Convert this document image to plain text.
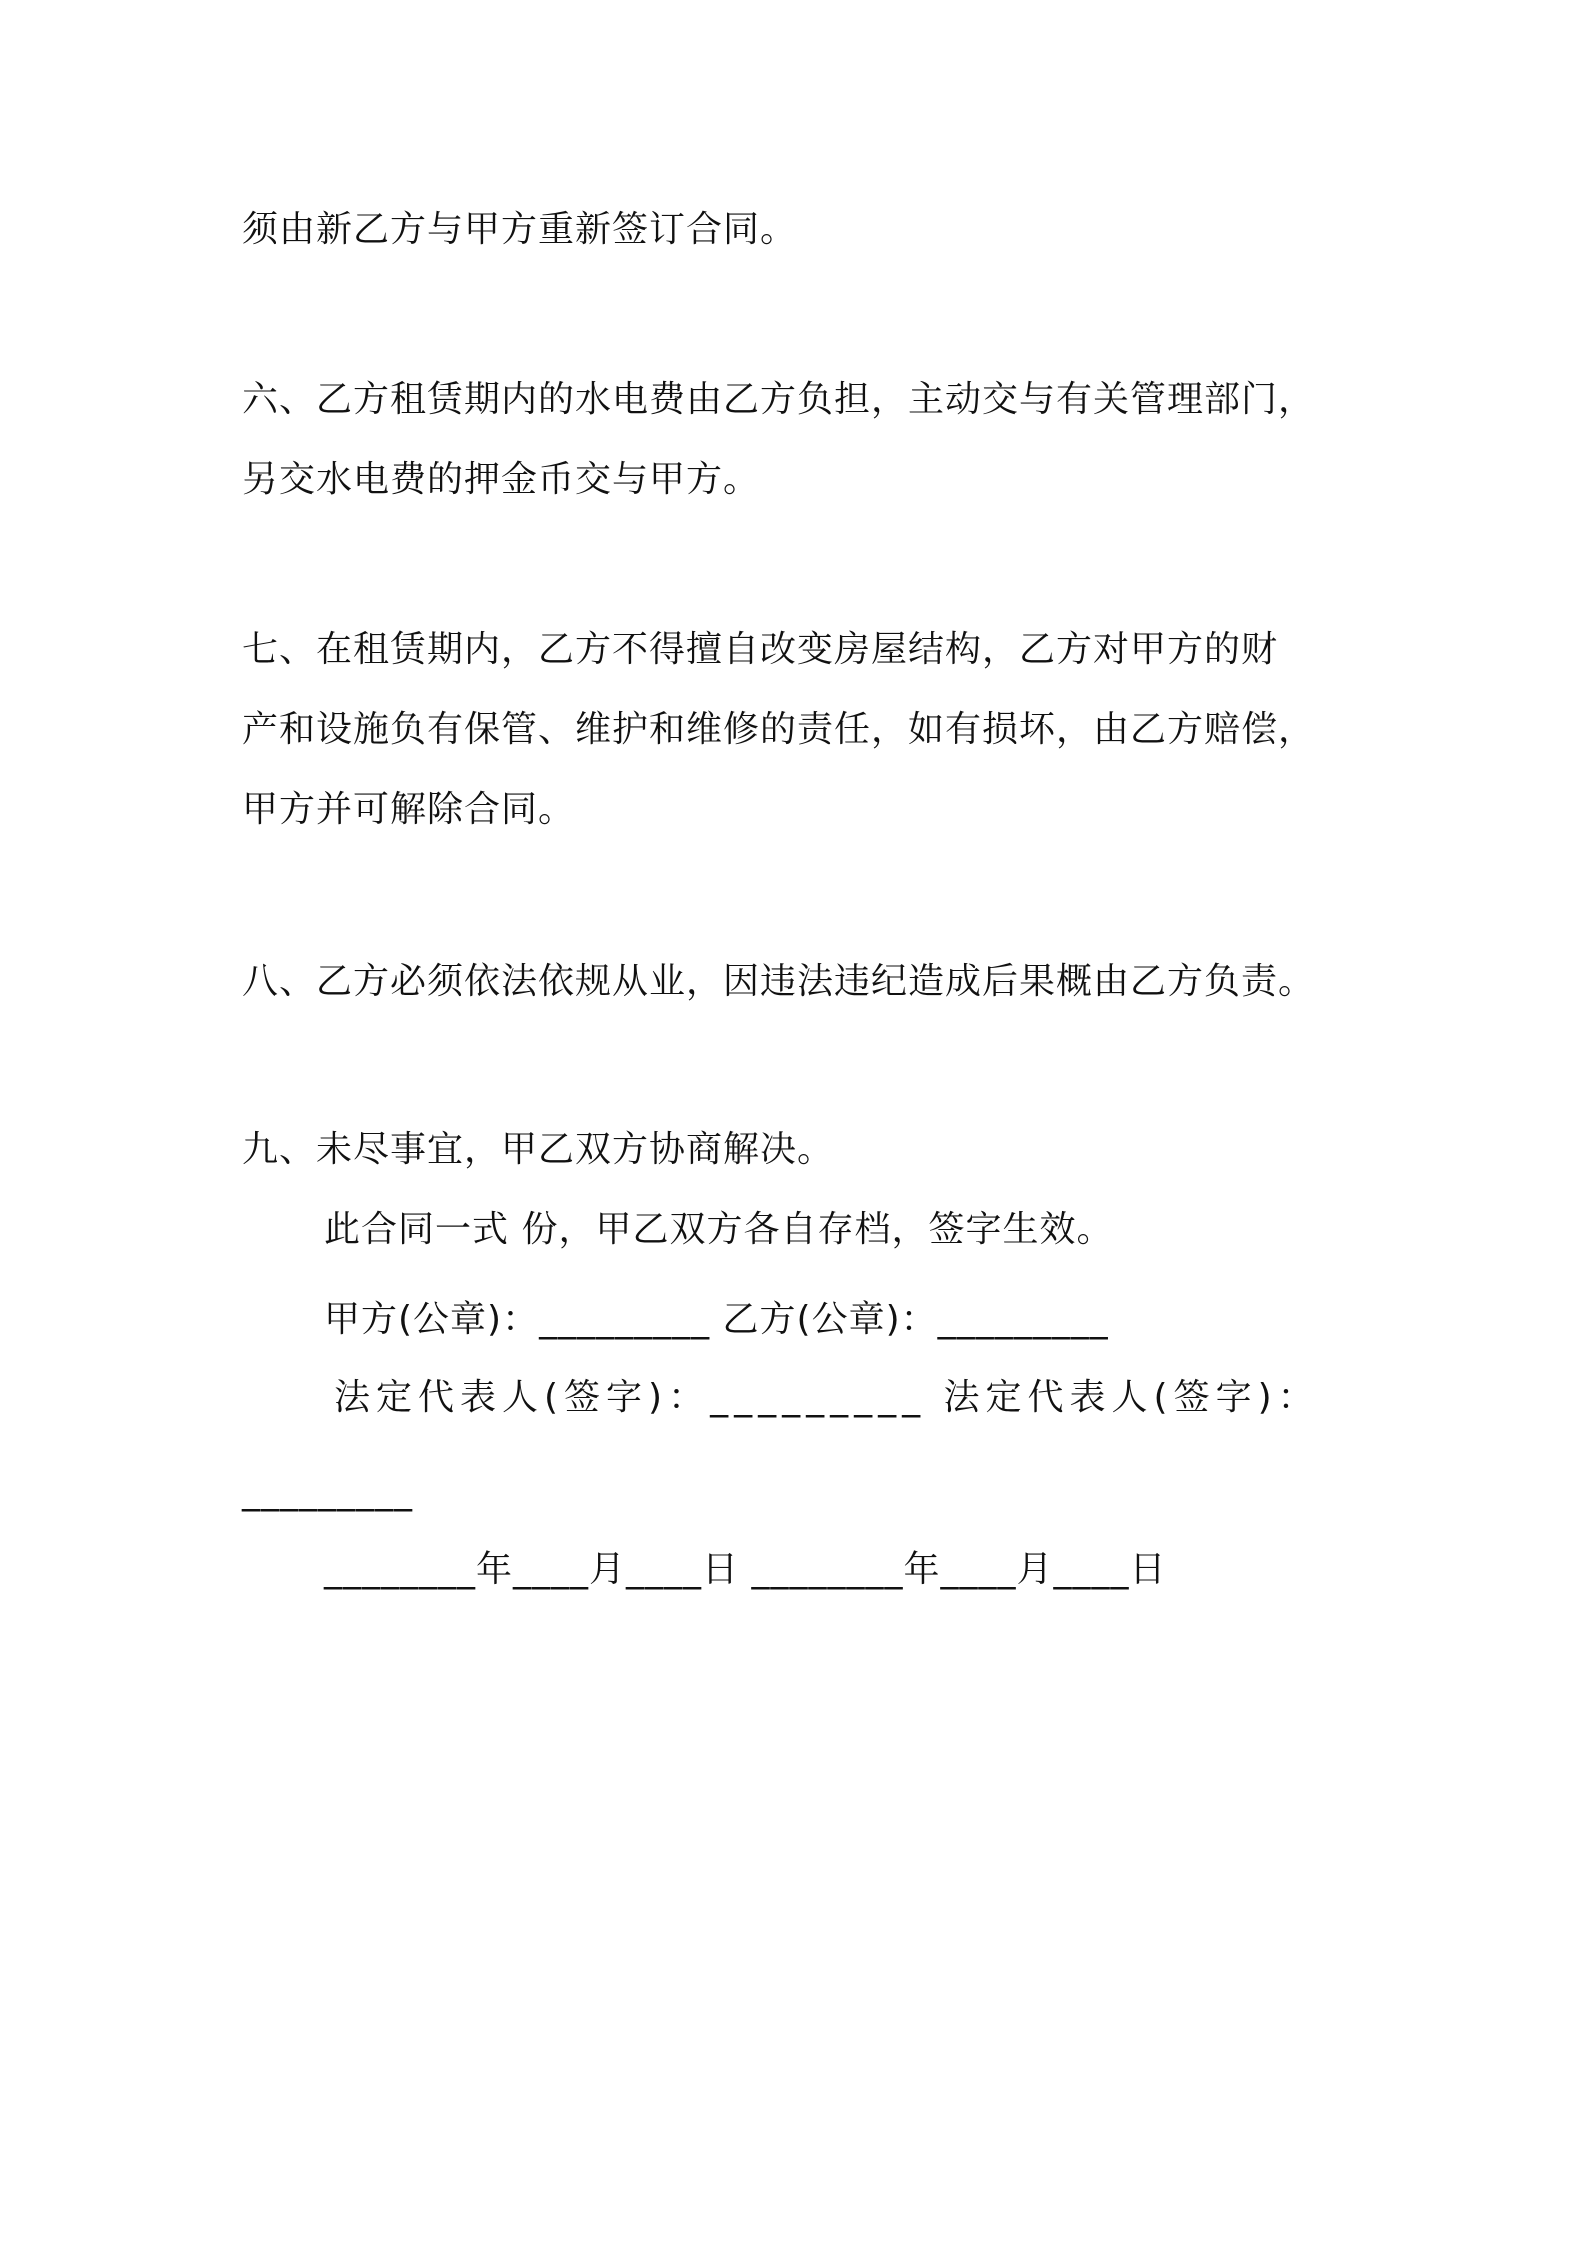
须由新乙方与甲方重新签订合同。
六、乙方租赁期内的水电费由乙方负担，主动交与有关管理部门，
另交水电费的押金币交与甲方。
七、在租赁期内，乙方不得擅自改变房屋结构，乙方对甲方的财
产和设施负有保管、维护和维修的责任，如有损坏，由乙方赔偿，
甲方并可解除合同。
八、乙方必须依法依规从业，因违法违纪造成后果概由乙方负责。
九、未尽事宜，甲乙双方协商解决。
此合同一式 份，甲乙双方各自存档，签字生效。
甲方(公章)：_________ 乙方(公章)：_________
法定代表人(签字)：_________ 法定代表人(签字)：
_________
________年____月____日 ________年____月____日
